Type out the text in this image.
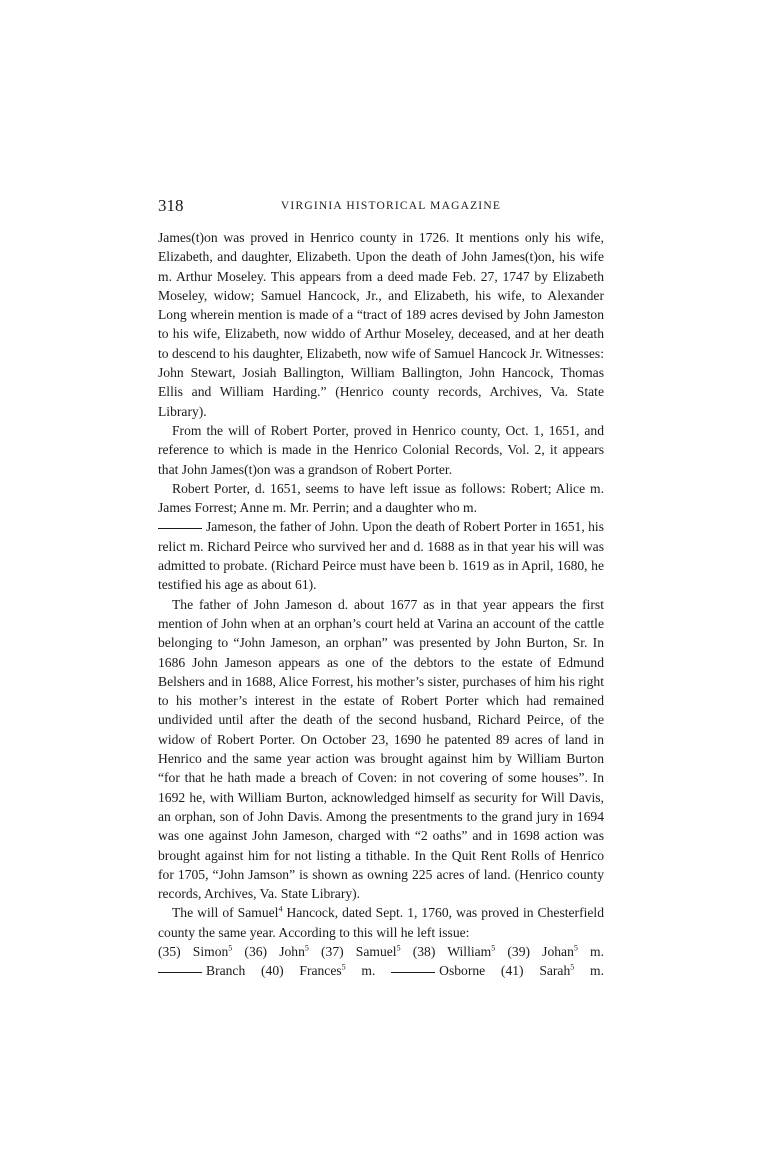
318	VIRGINIA HISTORICAL MAGAZINE

James(t)on was proved in Henrico county in 1726. It mentions only his wife, Elizabeth, and daughter, Elizabeth. Upon the death of John James(t)on, his wife m. Arthur Moseley. This appears from a deed made Feb. 27, 1747 by Elizabeth Moseley, widow; Samuel Hancock, Jr., and Elizabeth, his wife, to Alexander Long wherein mention is made of a “tract of 189 acres devised by John Jameston to his wife, Elizabeth, now widdo of Arthur Moseley, deceased, and at her death to descend to his daughter, Elizabeth, now wife of Samuel Hancock Jr. Witnesses: John Stewart, Josiah Ballington, William Ballington, John Hancock, Thomas Ellis and William Harding.” (Henrico county records, Archives, Va. State Library).

From the will of Robert Porter, proved in Henrico county, Oct. 1, 1651, and reference to which is made in the Henrico Colonial Records, Vol. 2, it appears that John James(t)on was a grandson of Robert Porter.

Robert Porter, d. 1651, seems to have left issue as follows: Robert; Alice m. James Forrest; Anne m. Mr. Perrin; and a daughter who m.

Jameson, the father of John. Upon the death of Robert Porter in 1651, his relict m. Richard Peirce who survived her and d. 1688 as in that year his will was admitted to probate. (Richard Peirce must have been b. 1619 as in April, 1680, he testified his age as about 61).

The father of John Jameson d. about 1677 as in that year appears the first mention of John when at an orphan’s court held at Varina an account of the cattle belonging to “John Jameson, an orphan” was presented by John Burton, Sr. In 1686 John Jameson appears as one of the debtors to the estate of Edmund Belshers and in 1688, Alice Forrest, his mother’s sister, purchases of him his right to his mother’s interest in the estate of Robert Porter which had remained undivided until after the death of the second husband, Richard Peirce, of the widow of Robert Porter. On October 23, 1690 he patented 89 acres of land in Henrico and the same year action was brought against him by William Burton “for that he hath made a breach of Coven: in not covering of some houses”. In 1692 he, with William Burton, acknowledged himself as security for Will Davis, an orphan, son of John Davis. Among the presentments to the grand jury in 1694 was one against John Jameson, charged with “2 oaths” and in 1698 action was brought against him for not listing a tithable. In the Quit Rent Rolls of Henrico for 1705, “John Jamson” is shown as owning 225 acres of land. (Henrico county records, Archives, Va. State Library).

The will of Samuel$^4$ Hancock, dated Sept. 1, 1760, was proved in Chesterfield county the same year. According to this will he left issue:

(35) Simon$^5$ (36) John$^5$ (37) Samuel$^5$ (38) William$^5$ (39) Johan$^5$ m.

Branch (40) Frances$^5$ m.	Osborne (41) Sarah$^5$ m.
